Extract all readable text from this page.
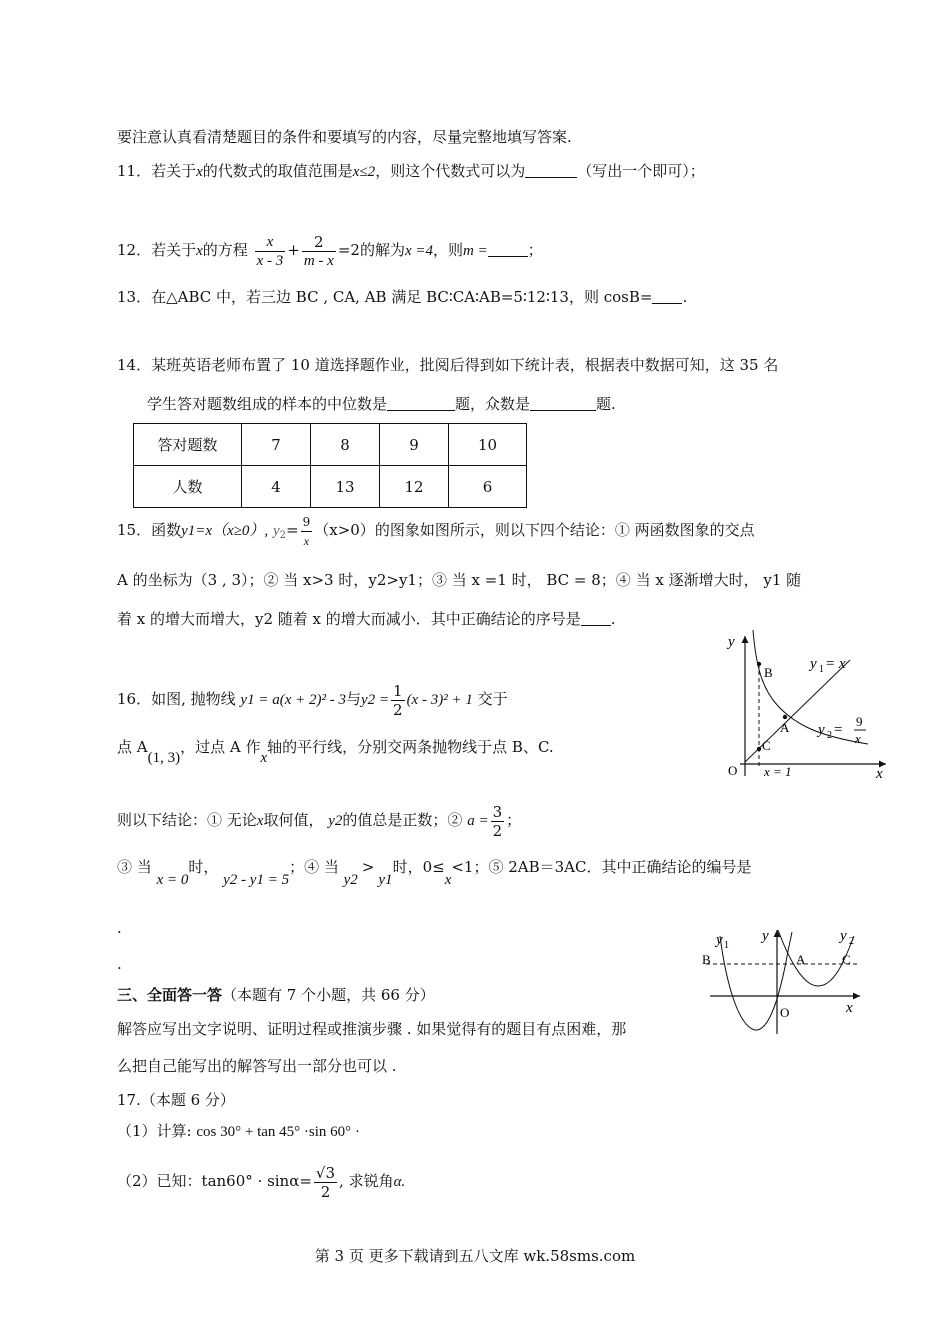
要注意认真看清楚题目的条件和要填写的内容，尽量完整地填写答案.
11．若关于x的代数式的取值范围是x≤2，则这个代数式可以为	（写出一个即可）；
12．若关于x的方程 $\frac{x}{x - 3} + \frac{2}{m - x} =2$的解为x =4，则m =	；
13．在△ABC 中，若三边 BC , CA, AB 满足 BC∶CA∶AB=5∶12∶13，则 cosB= .
14．某班英语老师布置了 10 道选择题作业，批阅后得到如下统计表，根据表中数据可知，这 35 名
学生答对题数组成的样本的中位数是	题，众数是	题.
答对题数	7	8	9	10
人数	4	13	12	6
15．函数y1=x（x≥0）, $y_2= \frac{9}{x} (x>0)$的图象如图所示，则以下四个结论：① 两函数图象的交点
A 的坐标为（3 , 3）；② 当 x>3 时，y2>y1；③ 当 x =1 时， BC = 8；④ 当 x 逐渐增大时， y1 随
着 x 的增大而增大，y2 随着 x 的增大而减小．其中正确结论的序号是 .
y
x
B
A
C
O x = 1
y 1 = x
y 2 =
9
x
16．如图, 抛物线 y1 = a(x + 2)² - 3与$y2 = \frac{1}{2} (x - 3)^2 + 1$ 交于
点 A(1, 3)，过点 A 作x轴的平行线，分别交两条抛物线于点 B、C.
则以下结论：① 无论x取何值， y2的值总是正数；② $a = \frac{3}{2}$ ；
③ 当 x = 0时， y2 - y1 = 5；④ 当 y2>y1时，0≤x<1；⑤ 2AB＝3AC．其中正确结论的编号是
.
.
y 1
y	y 2
B	A	C
O	x
三、全面答一答（本题有 7 个小题，共 66 分）
解答应写出文字说明、证明过程或推演步骤 . 如果觉得有的题目有点困难，那
么把自己能写出的解答写出一部分也可以 .
17.（本题 6 分）
（1）计算: cos 30° + tan 45° ·sin 60° ·
（2）已知：$\tan 60^\circ \cdot \sin\alpha= \frac{√3}{2}$ , 求锐角α.
第 3 页 更多下载请到五八文库 wk.58sms.com
